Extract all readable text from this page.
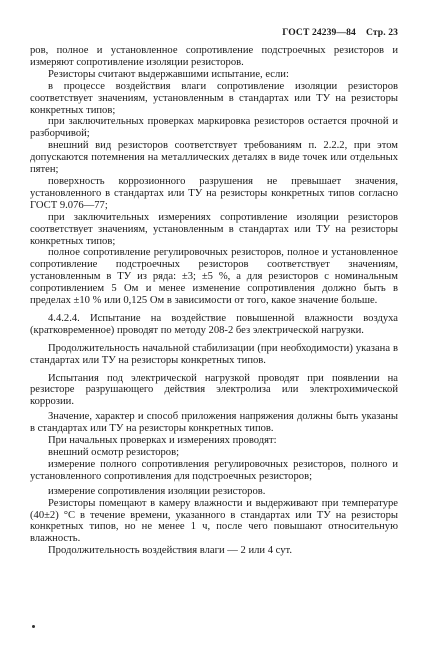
ГОСТ 24239—84 Стр. 23

ров, полное и установленное сопротивление подстроечных резисторов и измеряют сопротивление изоляции резисторов.

Резисторы считают выдержавшими испытание, если:

в процессе воздействия влаги сопротивление изоляции резисторов соответствует значениям, установленным в стандартах или ТУ на резисторы конкретных типов;

при заключительных проверках маркировка резисторов остается прочной и разборчивой;

внешний вид резисторов соответствует требованиям п. 2.2.2, при этом допускаются потемнения на металлических деталях в виде точек или отдельных пятен;

поверхность коррозионного разрушения не превышает значения, установленного в стандартах или ТУ на резисторы конкретных типов согласно ГОСТ 9.076—77;

при заключительных измерениях сопротивление изоляции резисторов соответствует значениям, установленным в стандартах или ТУ на резисторы конкретных типов;

полное сопротивление регулировочных резисторов, полное и установленное сопротивление подстроечных резисторов соответствует значениям, установленным в ТУ из ряда: ±3; ±5 %, а для резисторов с номинальным сопротивлением 5 Ом и менее изменение сопротивления должно быть в пределах ±10 % или 0,125 Ом в зависимости от того, какое значение больше.

4.4.2.4. Испытание на воздействие повышенной влажности воздуха (кратковременное) проводят по методу 208-2 без электрической нагрузки.

Продолжительность начальной стабилизации (при необходимости) указана в стандартах или ТУ на резисторы конкретных типов.

Испытания под электрической нагрузкой проводят при появлении на резисторе разрушающего действия электролиза или электрохимической коррозии.

Значение, характер и способ приложения напряжения должны быть указаны в стандартах или ТУ на резисторы конкретных типов.

При начальных проверках и измерениях проводят:

внешний осмотр резисторов;

измерение полного сопротивления регулировочных резисторов, полного и установленного сопротивления для подстроечных резисторов;

измерение сопротивления изоляции резисторов.

Резисторы помещают в камеру влажности и выдерживают при температуре (40±2) °С в течение времени, указанного в стандартах или ТУ на резисторы конкретных типов, но не менее 1 ч, после чего повышают относительную влажность.

Продолжительность воздействия влаги — 2 или 4 сут.
